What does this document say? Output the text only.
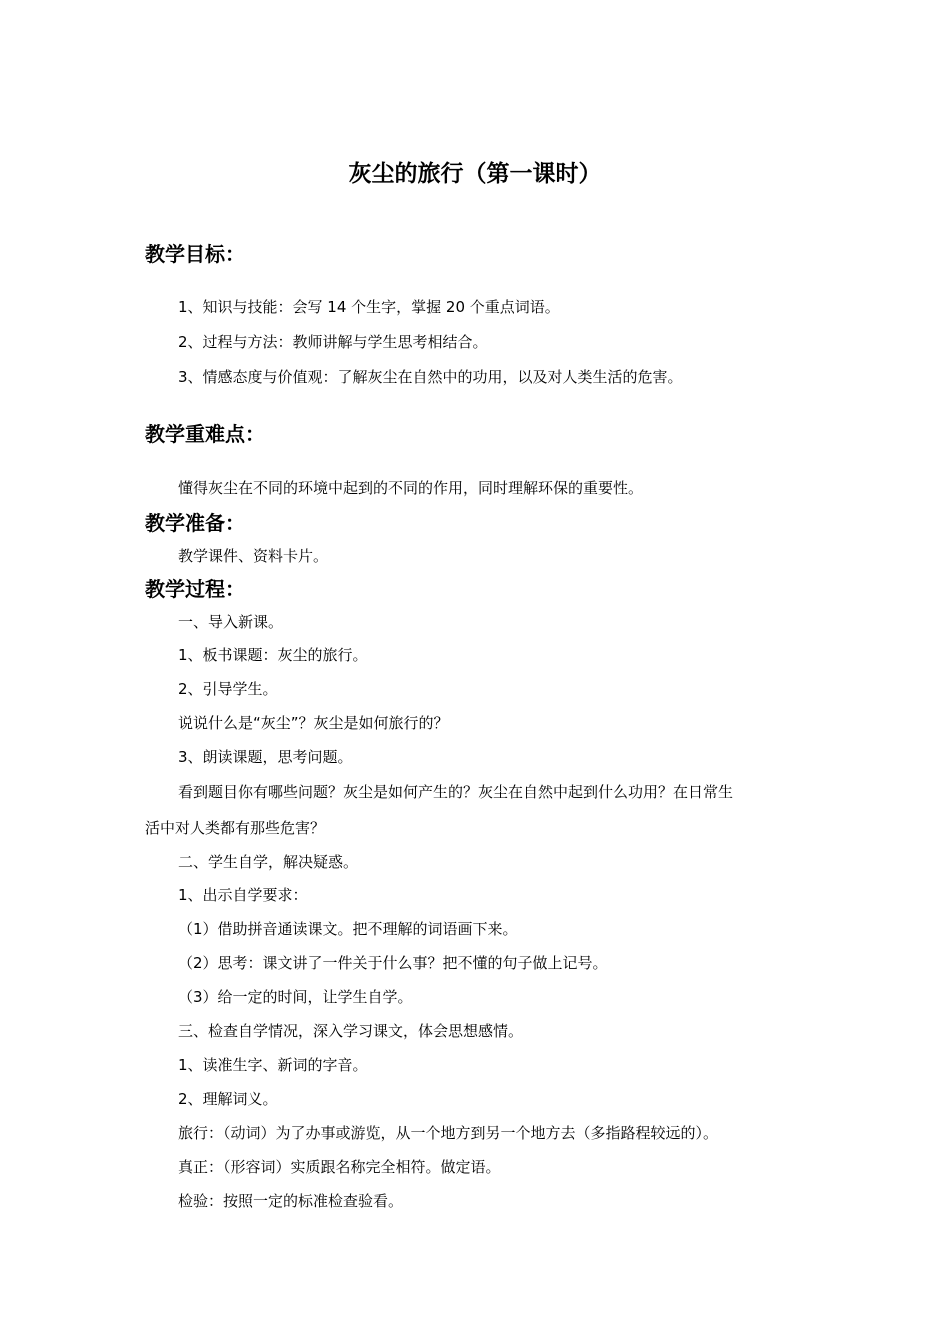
灰尘的旅行（第一课时）
教学目标：
1、知识与技能：会写 14 个生字，掌握 20 个重点词语。
2、过程与方法：教师讲解与学生思考相结合。
3、情感态度与价值观：了解灰尘在自然中的功用，以及对人类生活的危害。
教学重难点：
懂得灰尘在不同的环境中起到的不同的作用，同时理解环保的重要性。
教学准备：
教学课件、资料卡片。
教学过程：
一、导入新课。
1、板书课题：灰尘的旅行。
2、引导学生。
说说什么是“灰尘”？灰尘是如何旅行的？
3、朗读课题，思考问题。
看到题目你有哪些问题？灰尘是如何产生的？灰尘在自然中起到什么功用？在日常生
活中对人类都有那些危害？
二、学生自学，解决疑惑。
1、出示自学要求：
（1）借助拼音通读课文。把不理解的词语画下来。
（2）思考：课文讲了一件关于什么事？把不懂的句子做上记号。
（3）给一定的时间，让学生自学。
三、检查自学情况，深入学习课文，体会思想感情。
1、读准生字、新词的字音。
2、理解词义。
旅行：（动词）为了办事或游览，从一个地方到另一个地方去（多指路程较远的）。
真正：（形容词）实质跟名称完全相符。做定语。
检验：按照一定的标准检查验看。
